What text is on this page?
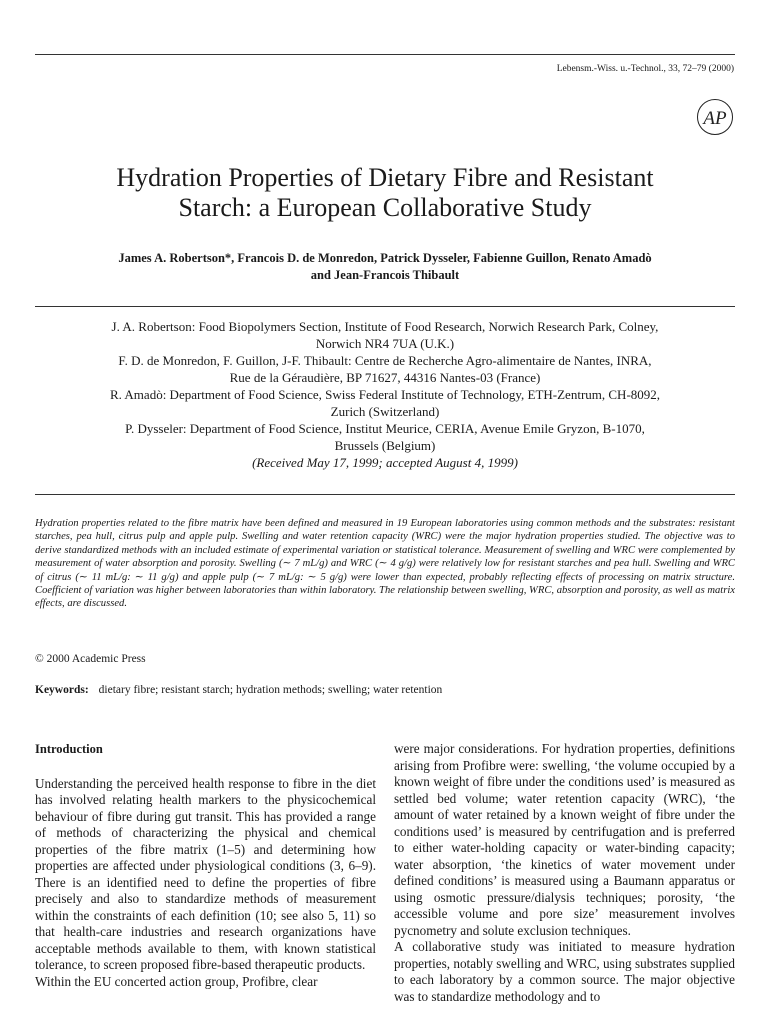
Lebensm.-Wiss. u.-Technol., 33, 72–79 (2000)
AP
Hydration Properties of Dietary Fibre and Resistant
Starch: a European Collaborative Study
James A. Robertson*, Francois D. de Monredon, Patrick Dysseler, Fabienne Guillon, Renato Amadò
and Jean-Francois Thibault
J. A. Robertson: Food Biopolymers Section, Institute of Food Research, Norwich Research Park, Colney,
Norwich NR4 7UA (U.K.)
F. D. de Monredon, F. Guillon, J-F. Thibault: Centre de Recherche Agro-alimentaire de Nantes, INRA,
Rue de la Géraudière, BP 71627, 44316 Nantes-03 (France)
R. Amadò: Department of Food Science, Swiss Federal Institute of Technology, ETH-Zentrum, CH-8092,
Zurich (Switzerland)
P. Dysseler: Department of Food Science, Institut Meurice, CERIA, Avenue Emile Gryzon, B-1070,
Brussels (Belgium)
(Received May 17, 1999; accepted August 4, 1999)
Hydration properties related to the fibre matrix have been defined and measured in 19 European laboratories using common methods and the substrates: resistant starches, pea hull, citrus pulp and apple pulp. Swelling and water retention capacity (WRC) were the major hydration properties studied. The objective was to derive standardized methods with an included estimate of experimental variation or statistical tolerance. Measurement of swelling and WRC were complemented by measurement of water absorption and porosity. Swelling (∼ 7 mL/g) and WRC (∼ 4 g/g) were relatively low for resistant starches and pea hull. Swelling and WRC of citrus (∼ 11 mL/g: ∼ 11 g/g) and apple pulp (∼ 7 mL/g: ∼ 5 g/g) were lower than expected, probably reflecting effects of processing on matrix structure. Coefficient of variation was higher between laboratories than within laboratory. The relationship between swelling, WRC, absorption and porosity, as well as matrix effects, are discussed.
© 2000 Academic Press
Keywords: dietary fibre; resistant starch; hydration methods; swelling; water retention
Introduction

Understanding the perceived health response to fibre in the diet has involved relating health markers to the physicochemical behaviour of fibre during gut transit. This has provided a range of methods of characterizing the physical and chemical properties of the fibre matrix (1–5) and determining how properties are affected under physiological conditions (3, 6–9). There is an identified need to define the properties of fibre precisely and also to standardize methods of measurement within the constraints of each definition (10; see also 5, 11) so that health-care industries and research organizations have acceptable methods available to them, with known statistical tolerance, to screen proposed fibre-based therapeutic products.

Within the EU concerted action group, Profibre, clear

were major considerations. For hydration properties, definitions arising from Profibre were: swelling, ‘the volume occupied by a known weight of fibre under the conditions used’ is measured as settled bed volume; water retention capacity (WRC), ‘the amount of water retained by a known weight of fibre under the conditions used’ is measured by centrifugation and is preferred to either water-holding capacity or water-binding capacity; water absorption, ‘the kinetics of water movement under defined conditions’ is measured using a Baumann apparatus or using osmotic pressure/dialysis techniques; porosity, ‘the accessible volume and pore size’ measurement involves pycnometry and solute exclusion techniques.

A collaborative study was initiated to measure hydration properties, notably swelling and WRC, using substrates supplied to each laboratory by a common source. The major objective was to standardize methodology and to
